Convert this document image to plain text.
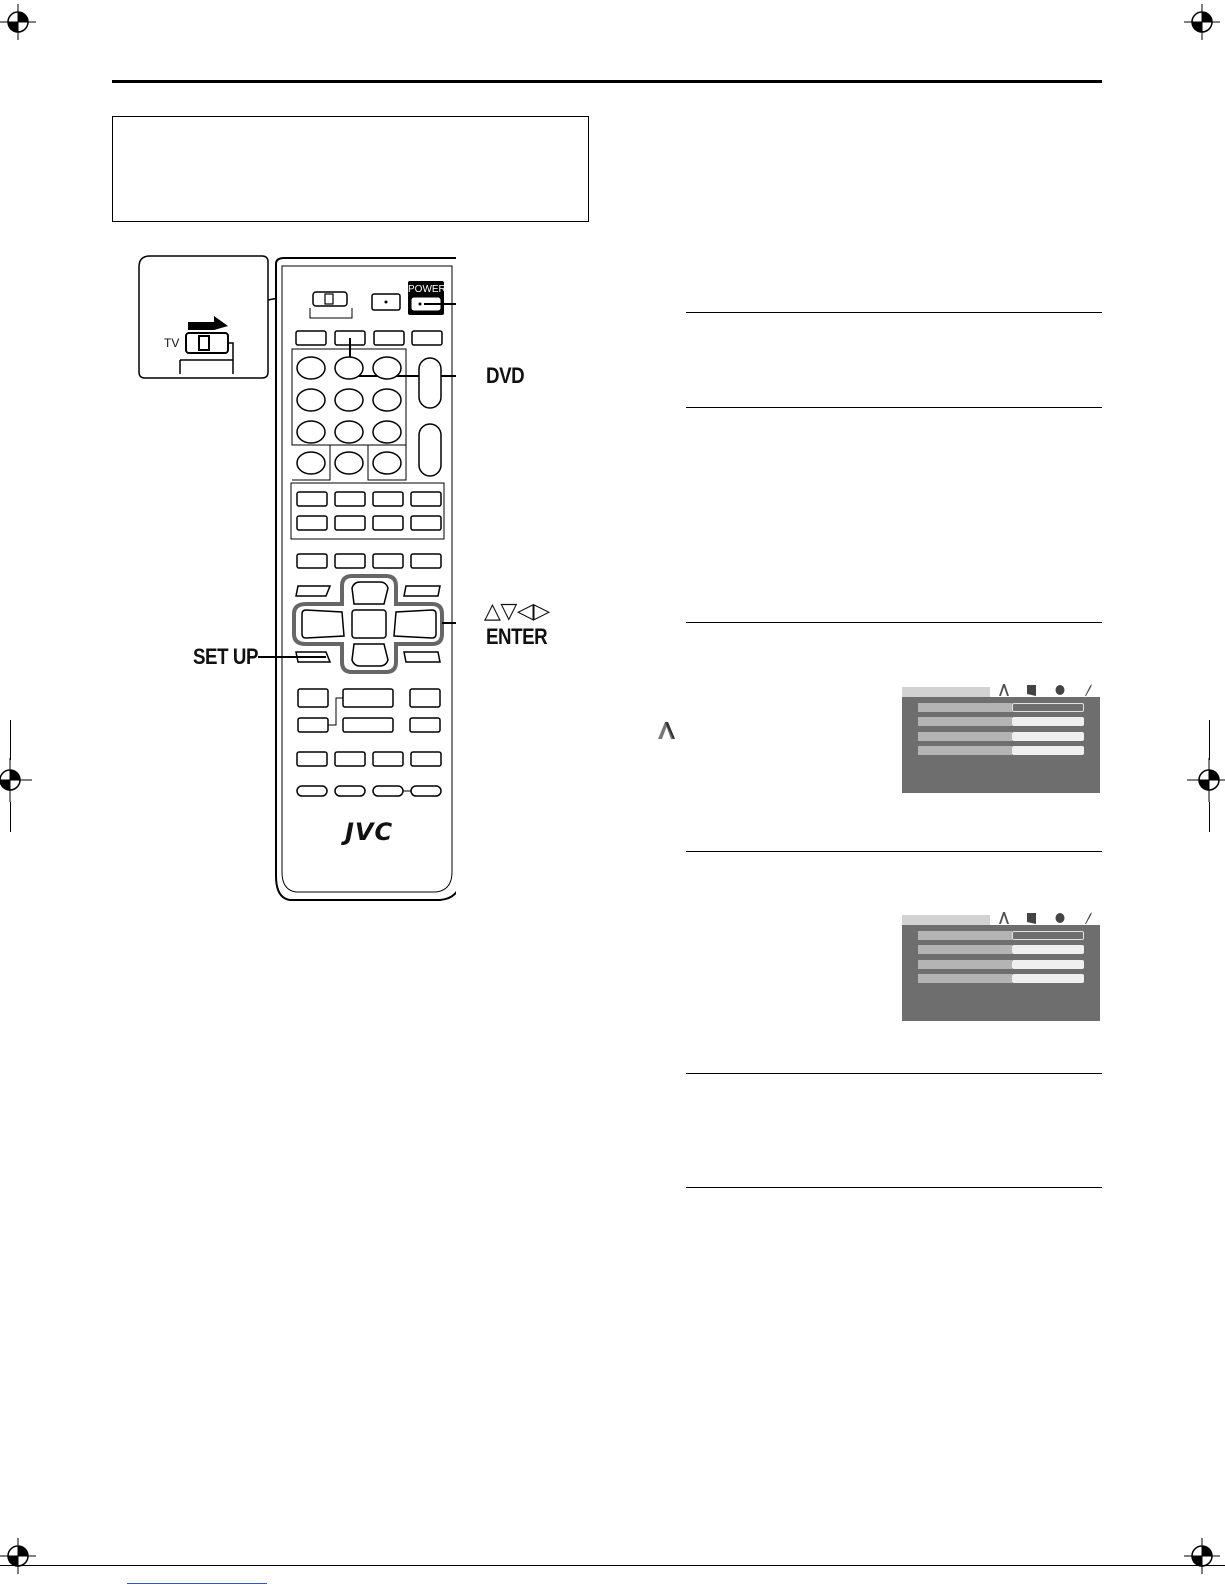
POWER
TV
JVC
DVD
△▽◁▷
ENTER
SET UP
